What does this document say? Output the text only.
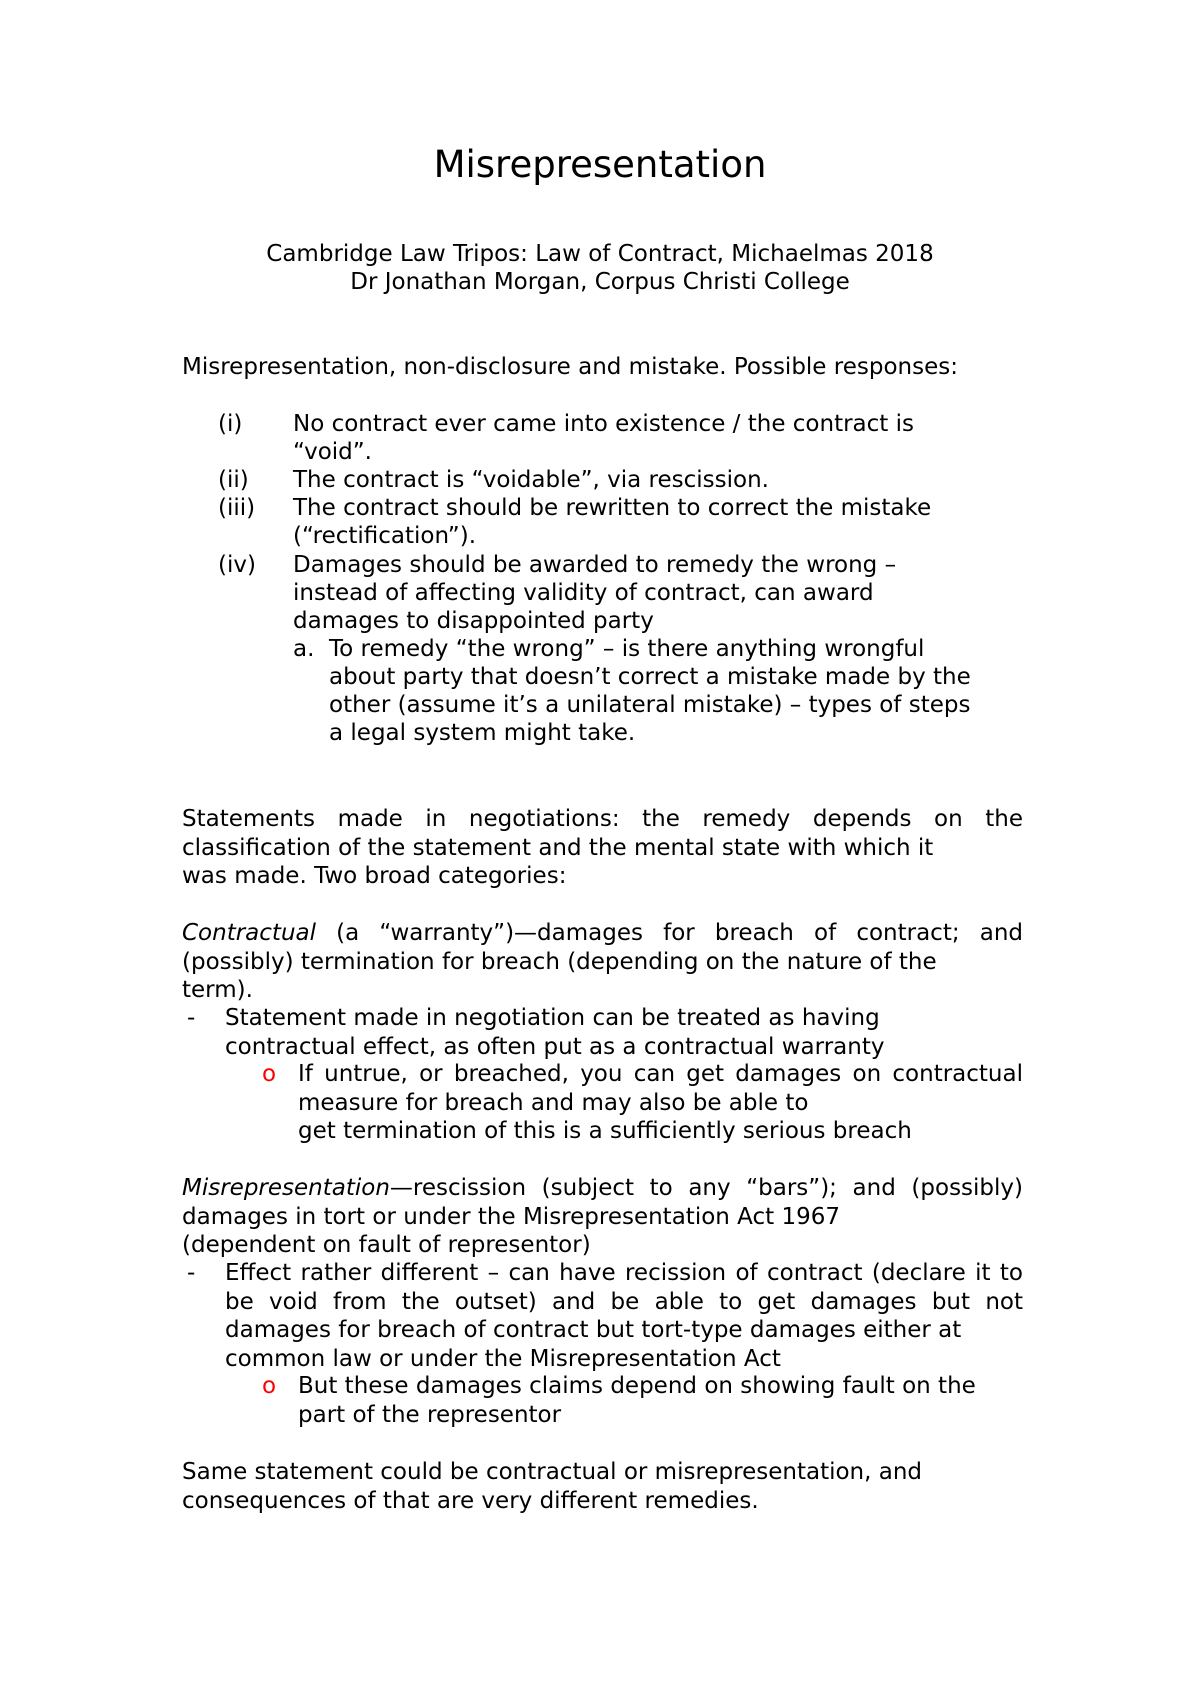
Misrepresentation
Cambridge Law Tripos: Law of Contract, Michaelmas 2018
Dr Jonathan Morgan, Corpus Christi College
Misrepresentation, non-disclosure and mistake. Possible responses:
(i) No contract ever came into existence / the contract is
“void”.
(ii) The contract is “voidable”, via rescission.
(iii) The contract should be rewritten to correct the mistake
(“rectification”).
(iv) Damages should be awarded to remedy the wrong –
instead of affecting validity of contract, can award
damages to disappointed party
a. To remedy “the wrong” – is there anything wrongful
about party that doesn’t correct a mistake made by the
other (assume it’s a unilateral mistake) – types of steps
a legal system might take.
Statements made in negotiations: the remedy depends on the classification of the statement and the mental state with which it
was made. Two broad categories:
Contractual (a “warranty”)—damages for breach of contract; and (possibly) termination for breach (depending on the nature of the
term).
- Statement made in negotiation can be treated as having
contractual effect, as often put as a contractual warranty
o If untrue, or breached, you can get damages on contractual measure for breach and may also be able to
get termination of this is a sufficiently serious breach
Misrepresentation—rescission (subject to any “bars”); and (possibly) damages in tort or under the Misrepresentation Act 1967
(dependent on fault of representor)
- Effect rather different – can have recission of contract (declare it to be void from the outset) and be able to get damages but not damages for breach of contract but tort-type damages either at
common law or under the Misrepresentation Act
o But these damages claims depend on showing fault on the
part of the representor
Same statement could be contractual or misrepresentation, and
consequences of that are very different remedies.
